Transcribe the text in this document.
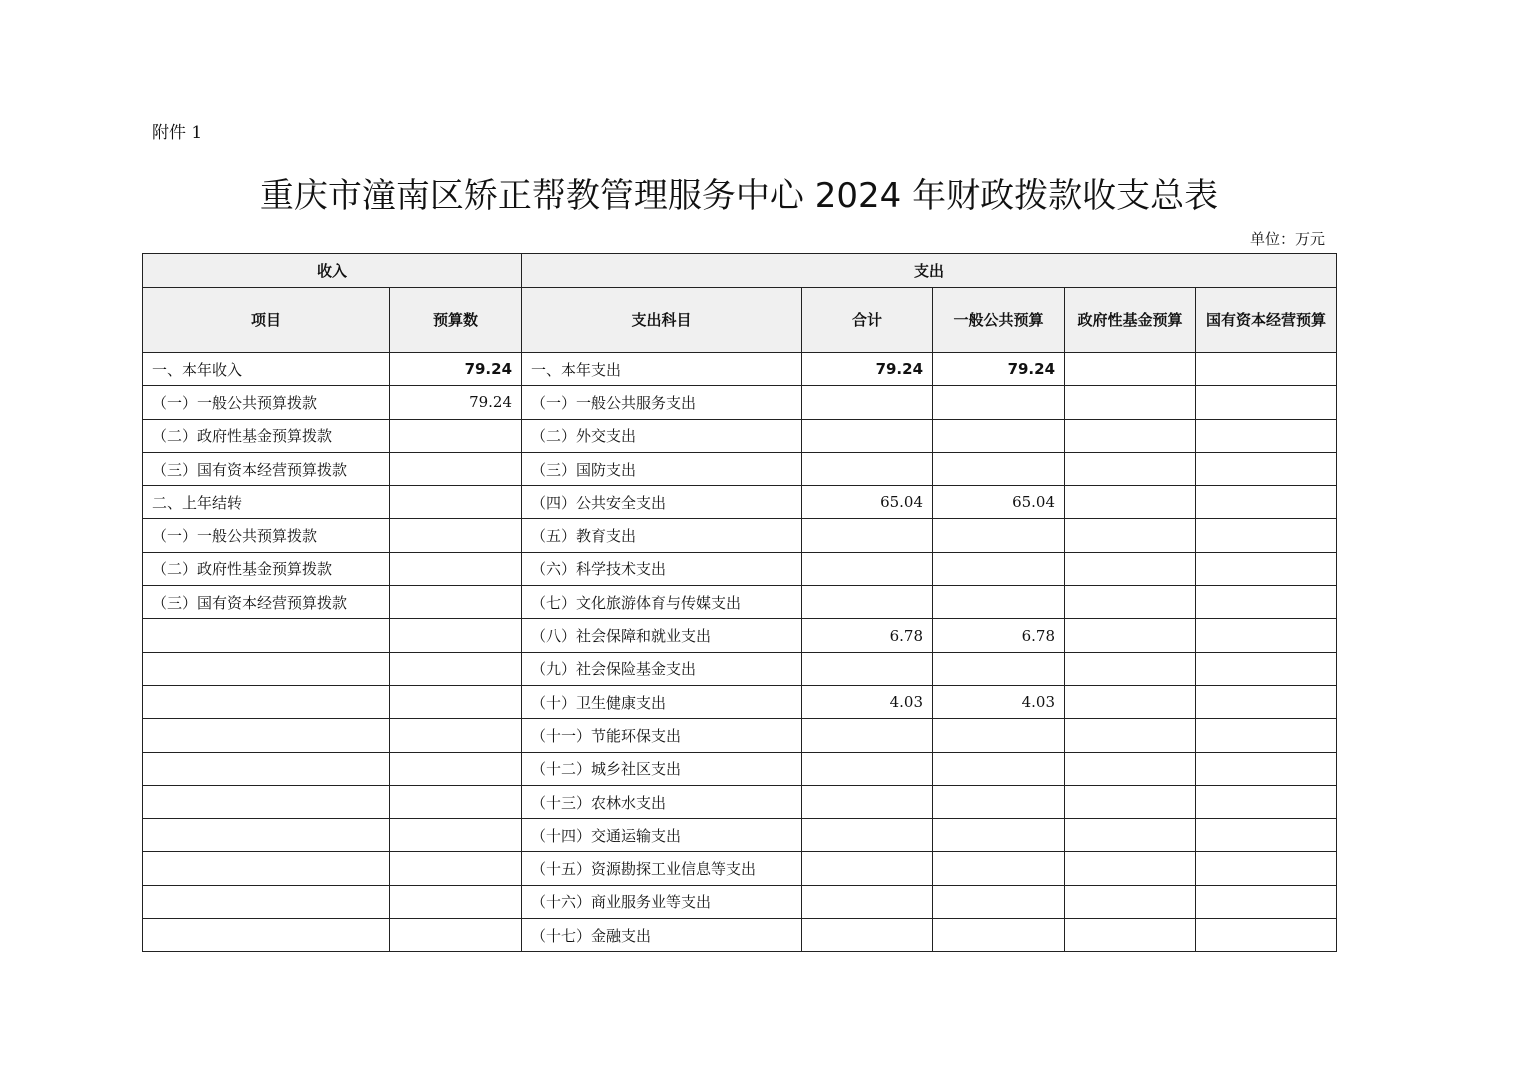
附件 1
重庆市潼南区矫正帮教管理服务中心 2024 年财政拨款收支总表
单位：万元
收入		支出				
项目	预算数	支出科目	合计	一般公共预算	政府性基金预算	国有资本经营预算
一、本年收入	79.24	一、本年支出	79.24	79.24		
（一）一般公共预算拨款	79.24	（一）一般公共服务支出				
（二）政府性基金预算拨款		（二）外交支出				
（三）国有资本经营预算拨款		（三）国防支出				
二、上年结转		（四）公共安全支出	65.04	65.04		
（一）一般公共预算拨款		（五）教育支出				
（二）政府性基金预算拨款		（六）科学技术支出				
（三）国有资本经营预算拨款		（七）文化旅游体育与传媒支出				
		（八）社会保障和就业支出	6.78	6.78		
		（九）社会保险基金支出				
		（十）卫生健康支出	4.03	4.03		
		（十一）节能环保支出				
		（十二）城乡社区支出				
		（十三）农林水支出				
		（十四）交通运输支出				
		（十五）资源勘探工业信息等支出				
		（十六）商业服务业等支出				
		（十七）金融支出				
